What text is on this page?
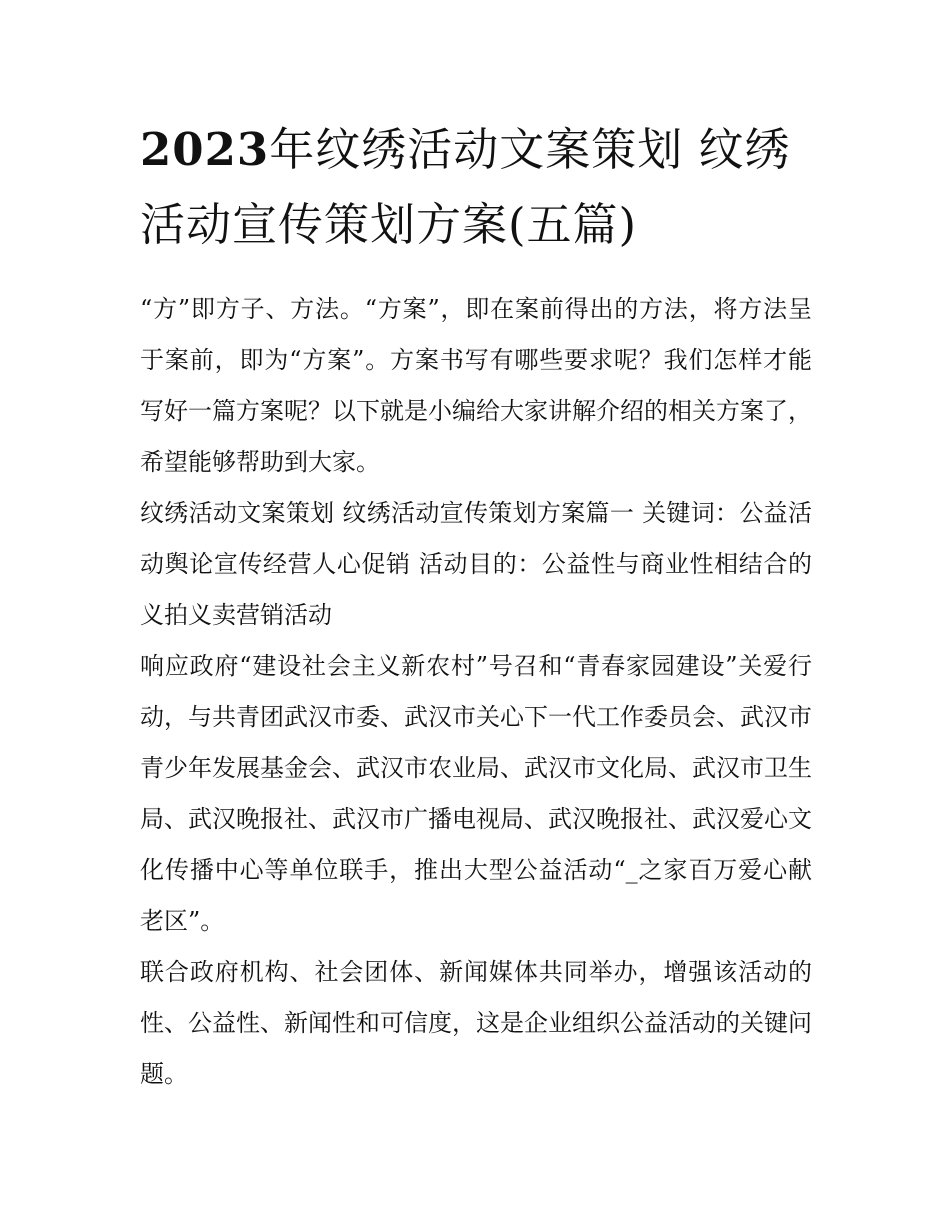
2023年纹绣活动文案策划 纹绣活动宣传策划方案(五篇)

“方”即方子、方法。“方案”，即在案前得出的方法，将方法呈于案前，即为“方案”。方案书写有哪些要求呢？我们怎样才能写好一篇方案呢？以下就是小编给大家讲解介绍的相关方案了，希望能够帮助到大家。

纹绣活动文案策划 纹绣活动宣传策划方案篇一 关键词：公益活动舆论宣传经营人心促销 活动目的：公益性与商业性相结合的义拍义卖营销活动

响应政府“建设社会主义新农村”号召和“青春家园建设”关爱行动，与共青团武汉市委、武汉市关心下一代工作委员会、武汉市青少年发展基金会、武汉市农业局、武汉市文化局、武汉市卫生局、武汉晚报社、武汉市广播电视局、武汉晚报社、武汉爱心文化传播中心等单位联手，推出大型公益活动“_之家百万爱心献老区”。

联合政府机构、社会团体、新闻媒体共同举办，增强该活动的性、公益性、新闻性和可信度，这是企业组织公益活动的关键问题。
